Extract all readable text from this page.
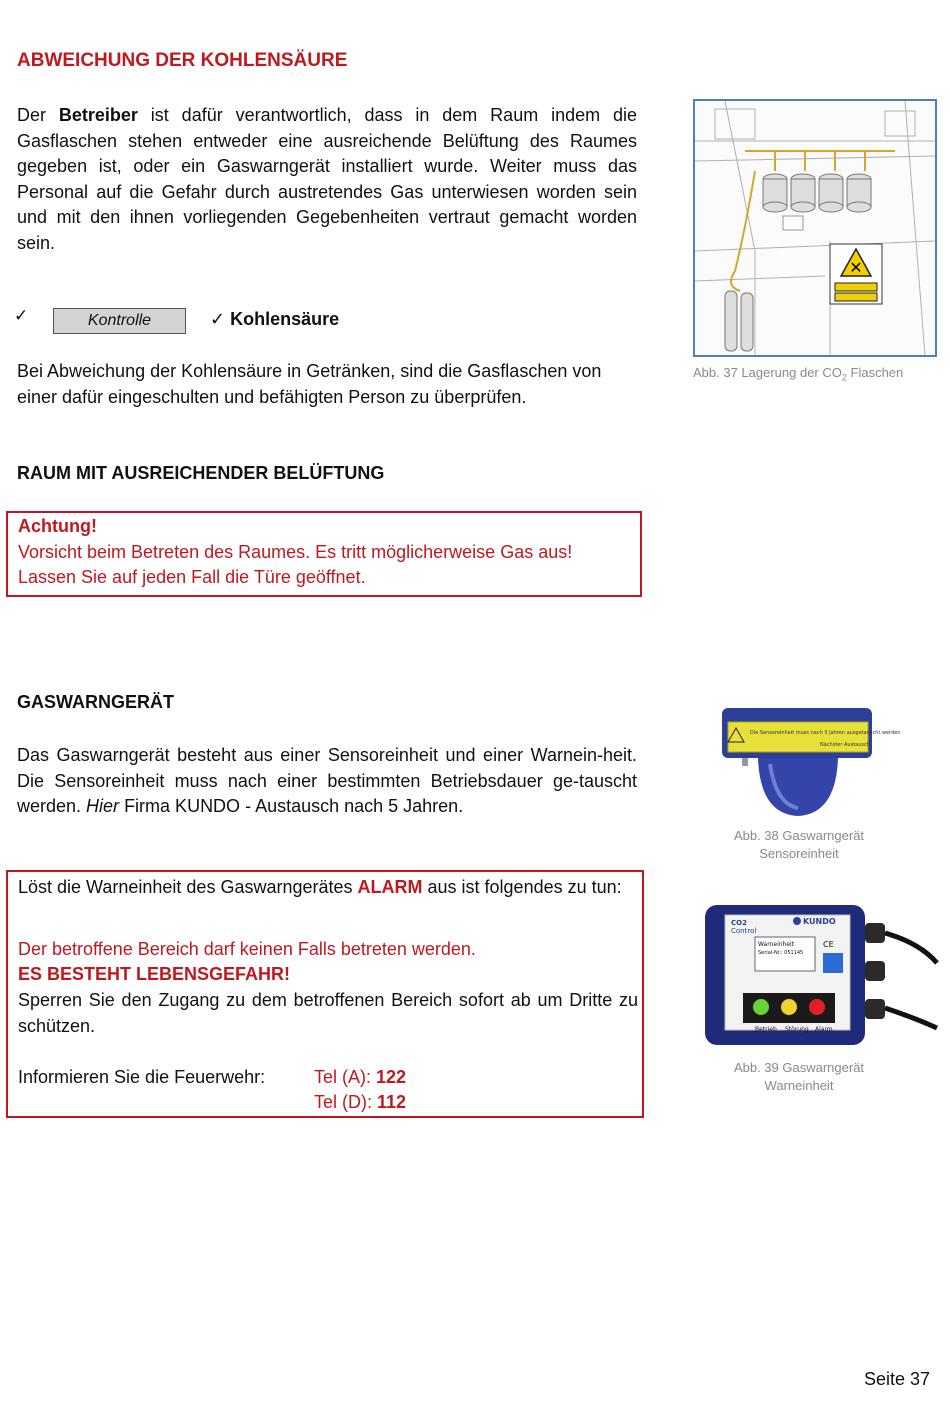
ABWEICHUNG DER KOHLENSÄURE
Der Betreiber ist dafür verantwortlich, dass in dem Raum indem die Gasflaschen stehen entweder eine ausreichende Belüftung des Raumes gegeben ist, oder ein Gaswarngerät installiert wurde. Weiter muss das Personal auf die Gefahr durch austretendes Gas unterwiesen worden sein und mit den ihnen vorliegenden Gegebenheiten vertraut gemacht worden sein.
✓	Kontrolle	✓ Kohlensäure
Bei Abweichung der Kohlensäure in Getränken, sind die Gasflaschen von einer dafür eingeschulten und befähigten Person zu überprüfen.
✕
Abb. 37 Lagerung der $CO_2$ Flaschen
RAUM MIT AUSREICHENDER BELÜFTUNG
Achtung!
Vorsicht beim Betreten des Raumes. Es tritt möglicherweise Gas aus!
Lassen Sie auf jeden Fall die Türe geöffnet.
GASWARNGERÄT
Das Gaswarngerät besteht aus einer Sensoreinheit und einer Warnein-heit. Die Sensoreinheit muss nach einer bestimmten Betriebsdauer ge-tauscht werden. Hier Firma KUNDO - Austausch nach 5 Jahren.
Die Sensoreinheit muss nach 5 Jahren ausgetauscht werden
Nächster Austausch
Abb. 38 Gaswarngerät
Sensoreinheit
CO2
Control
KUNDO
Warneinheit
Serial-Nr.: 051145
CE
Betrieb Störung Alarm
Abb. 39 Gaswarngerät
Warneinheit
Löst die Warneinheit des Gaswarngerätes ALARM aus ist folgendes zu tun:
Der betroffene Bereich darf keinen Falls betreten werden.
ES BESTEHT LEBENSGEFAHR!
Sperren Sie den Zugang zu dem betroffenen Bereich sofort ab um Dritte zu schützen.
Informieren Sie die Feuerwehr:	Tel (A): 122
Tel (D): 112
Seite 37
